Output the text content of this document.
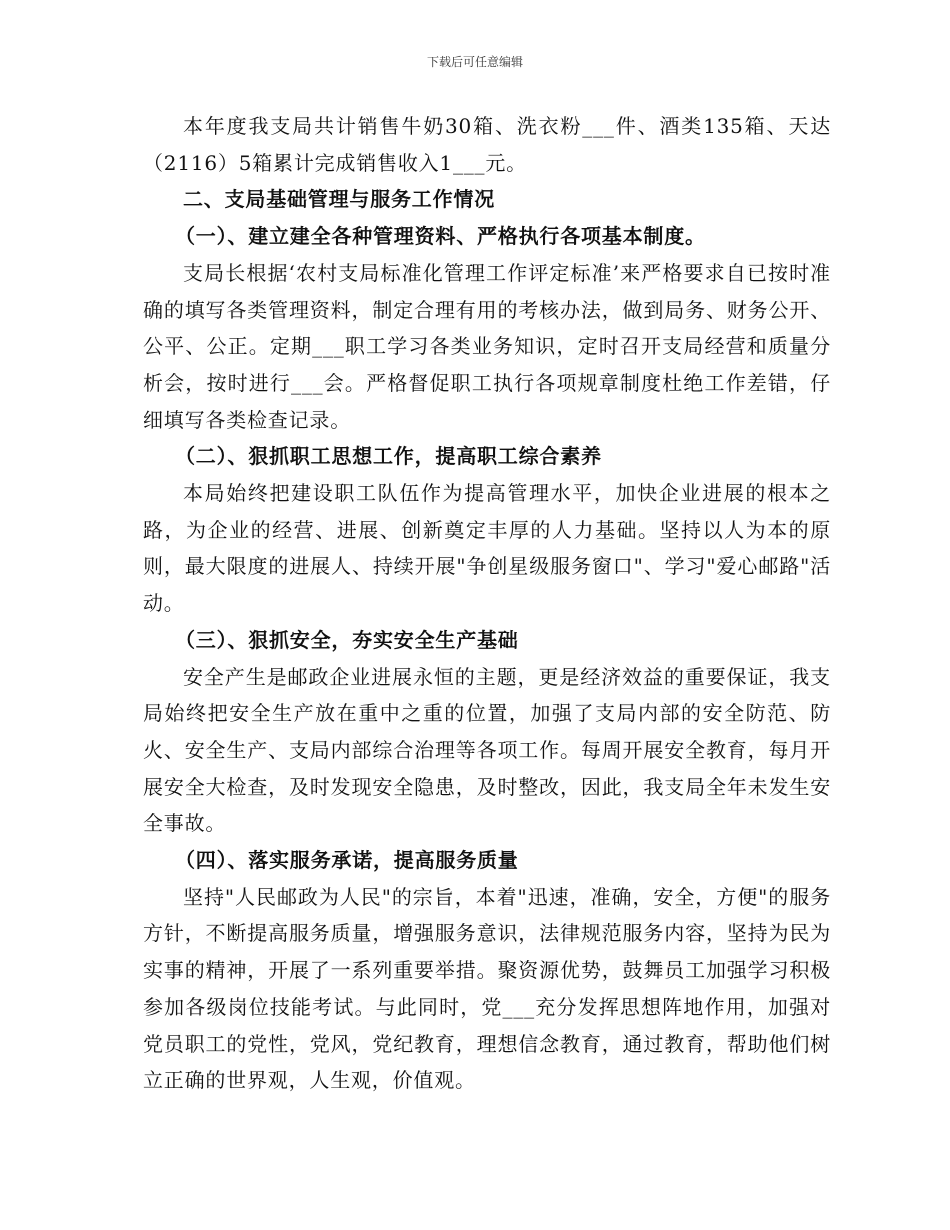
下载后可任意编辑

本年度我支局共计销售牛奶30箱、洗衣粉___件、酒类135箱、天达（2116）5箱累计完成销售收入1___元。

二、支局基础管理与服务工作情况

（一）、建立建全各种管理资料、严格执行各项基本制度。

支局长根据‘农村支局标准化管理工作评定标准’来严格要求自已按时准确的填写各类管理资料，制定合理有用的考核办法，做到局务、财务公开、公平、公正。定期___职工学习各类业务知识，定时召开支局经营和质量分析会，按时进行___会。严格督促职工执行各项规章制度杜绝工作差错，仔细填写各类检查记录。

（二）、狠抓职工思想工作，提高职工综合素养

本局始终把建设职工队伍作为提高管理水平，加快企业进展的根本之路，为企业的经营、进展、创新奠定丰厚的人力基础。坚持以人为本的原则，最大限度的进展人、持续开展"争创星级服务窗口"、学习"爱心邮路"活动。

（三）、狠抓安全，夯实安全生产基础

安全产生是邮政企业进展永恒的主题，更是经济效益的重要保证，我支局始终把安全生产放在重中之重的位置，加强了支局内部的安全防范、防火、安全生产、支局内部综合治理等各项工作。每周开展安全教育，每月开展安全大检查，及时发现安全隐患，及时整改，因此，我支局全年未发生安全事故。

（四）、落实服务承诺，提高服务质量

坚持"人民邮政为人民"的宗旨，本着"迅速，准确，安全，方便"的服务方针，不断提高服务质量，增强服务意识，法律规范服务内容，坚持为民为实事的精神，开展了一系列重要举措。聚资源优势，鼓舞员工加强学习积极参加各级岗位技能考试。与此同时，党___充分发挥思想阵地作用，加强对党员职工的党性，党风，党纪教育，理想信念教育，通过教育，帮助他们树立正确的世界观，人生观，价值观。
